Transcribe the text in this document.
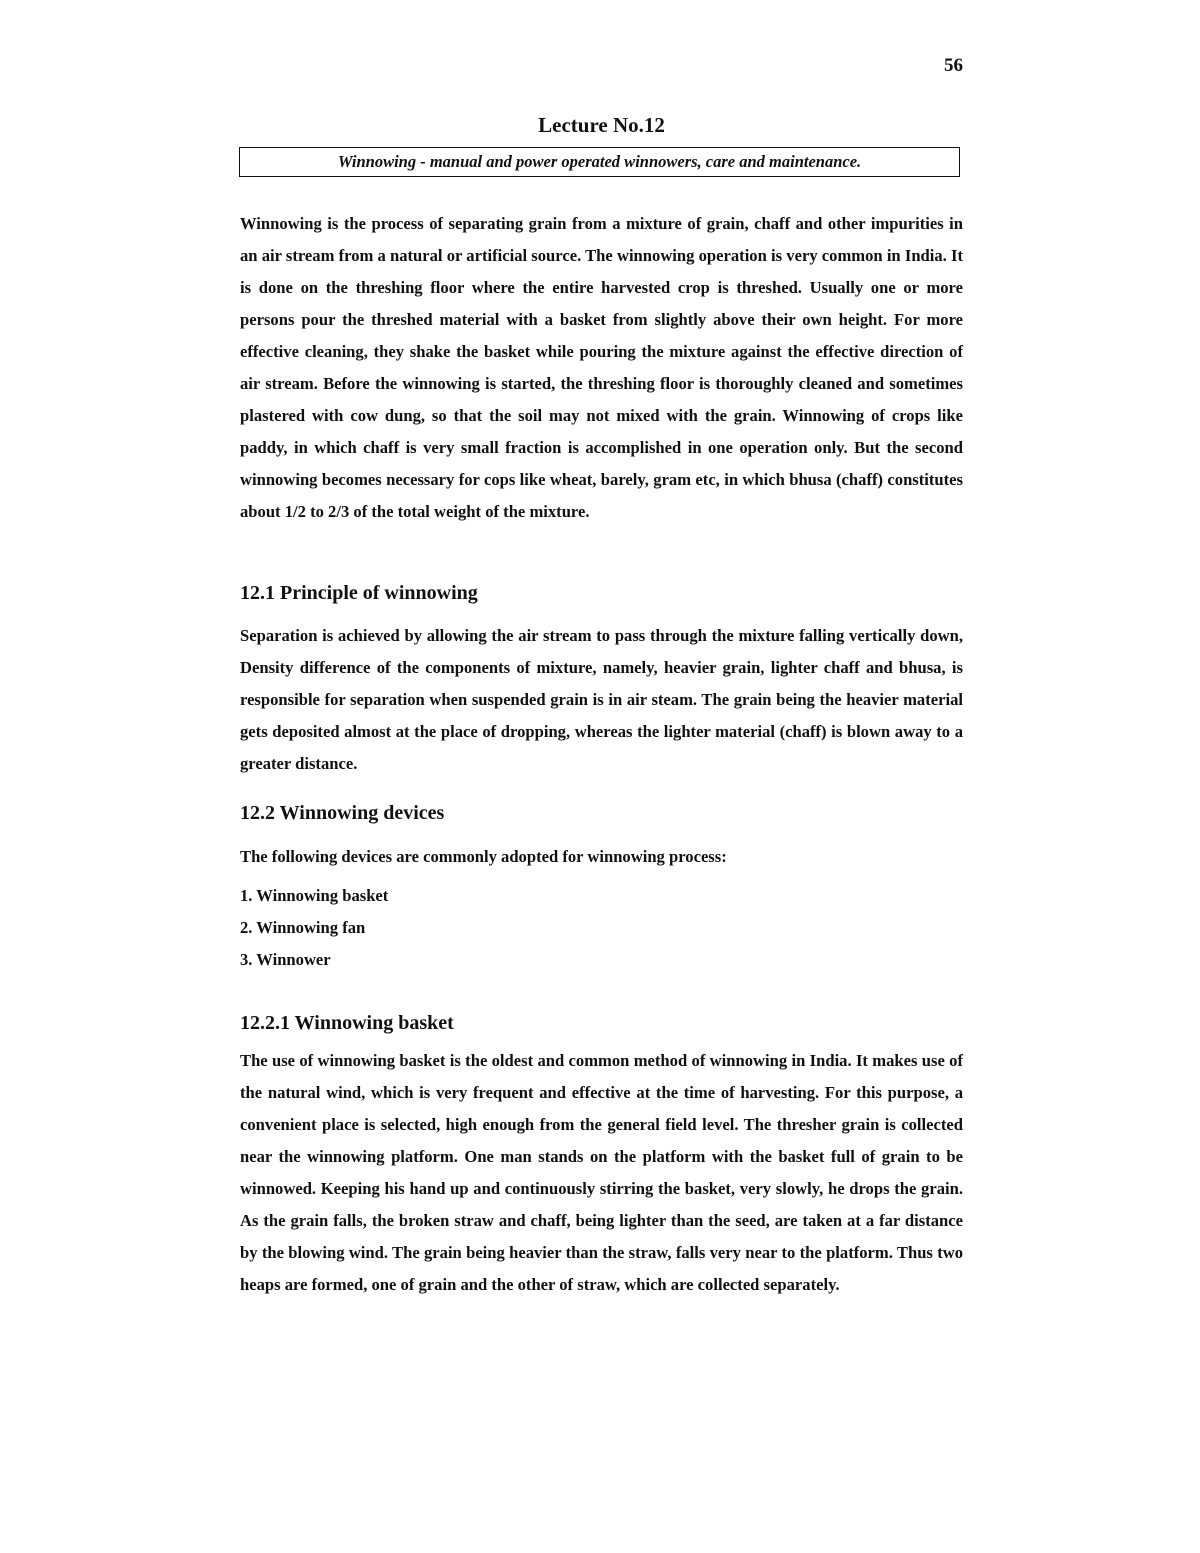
56
Lecture No.12
Winnowing - manual and power operated winnowers, care and maintenance.

Winnowing is the process of separating grain from a mixture of grain, chaff and other impurities in an air stream from a natural or artificial source. The winnowing operation is very common in India. It is done on the threshing floor where the entire harvested crop is threshed. Usually one or more persons pour the threshed material with a basket from slightly above their own height. For more effective cleaning, they shake the basket while pouring the mixture against the effective direction of air stream. Before the winnowing is started, the threshing floor is thoroughly cleaned and sometimes plastered with cow dung, so that the soil may not mixed with the grain. Winnowing of crops like paddy, in which chaff is very small fraction is accomplished in one operation only. But the second winnowing becomes necessary for cops like wheat, barely, gram etc, in which bhusa (chaff) constitutes about 1/2 to 2/3 of the total weight of the mixture.

12.1 Principle of winnowing

Separation is achieved by allowing the air stream to pass through the mixture falling vertically down, Density difference of the components of mixture, namely, heavier grain, lighter chaff and bhusa, is responsible for separation when suspended grain is in air steam. The grain being the heavier material gets deposited almost at the place of dropping, whereas the lighter material (chaff) is blown away to a greater distance.

12.2 Winnowing devices

The following devices are commonly adopted for winnowing process:

1. Winnowing basket
2. Winnowing fan
3. Winnower
12.2.1 Winnowing basket

The use of winnowing basket is the oldest and common method of winnowing in India. It makes use of the natural wind, which is very frequent and effective at the time of harvesting. For this purpose, a convenient place is selected, high enough from the general field level. The thresher grain is collected near the winnowing platform. One man stands on the platform with the basket full of grain to be winnowed. Keeping his hand up and continuously stirring the basket, very slowly, he drops the grain. As the grain falls, the broken straw and chaff, being lighter than the seed, are taken at a far distance by the blowing wind. The grain being heavier than the straw, falls very near to the platform. Thus two heaps are formed, one of grain and the other of straw, which are collected separately.
